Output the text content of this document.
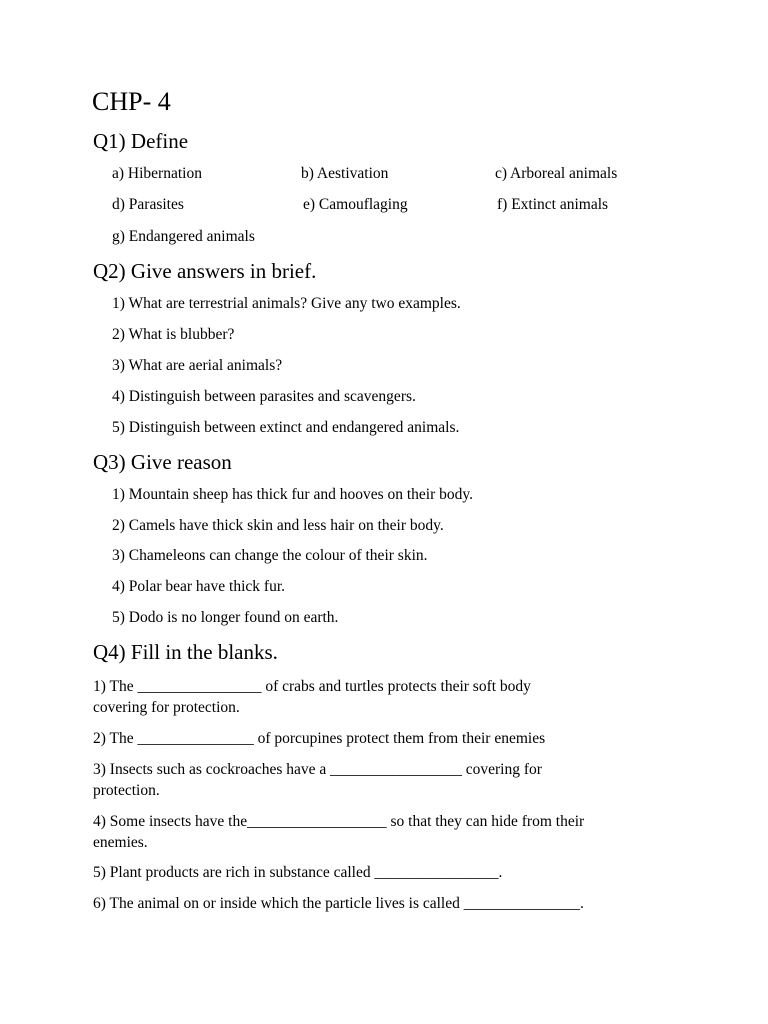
CHP- 4
Q1) Define
a) Hibernation	b) Aestivation	c) Arboreal animals
d) Parasites	e) Camouflaging	f) Extinct animals
g) Endangered animals
Q2) Give answers in brief.
1) What are terrestrial animals? Give any two examples.
2) What is blubber?
3) What are aerial animals?
4) Distinguish between parasites and scavengers.
5) Distinguish between extinct and endangered animals.
Q3) Give reason
1) Mountain sheep has thick fur and hooves on their body.
2) Camels have thick skin and less hair on their body.
3) Chameleons can change the colour of their skin.
4) Polar bear have thick fur.
5) Dodo is no longer found on earth.
Q4) Fill in the blanks.
1) The ________________ of crabs and turtles protects their soft body
covering for protection.
2) The _______________ of porcupines protect them from their enemies
3) Insects such as cockroaches have a _________________ covering for
protection.
4) Some insects have the__________________ so that they can hide from their
enemies.
5) Plant products are rich in substance called ________________.
6) The animal on or inside which the particle lives is called _______________.
